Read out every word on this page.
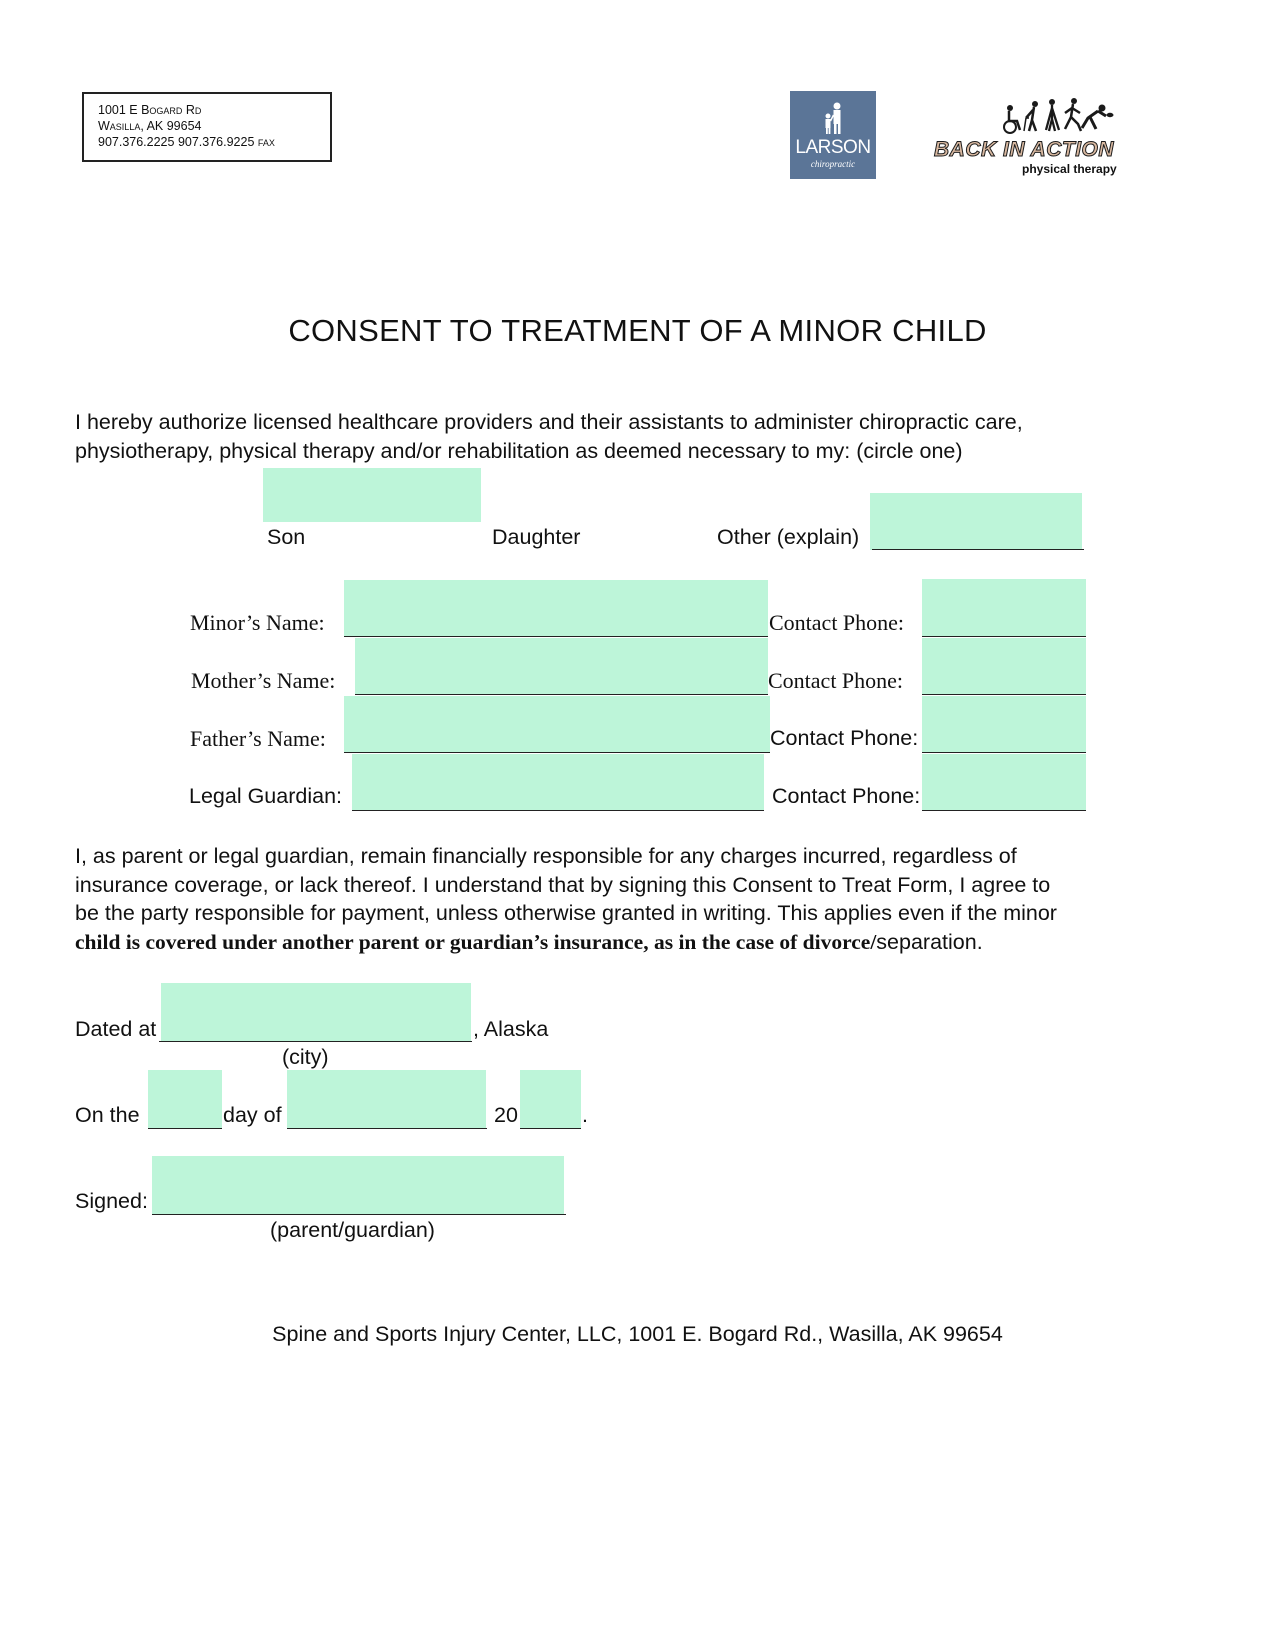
1001 E Bogard Rd
Wasilla, AK 99654
907.376.2225 907.376.9225 fax	LARSON
chiropractic
BACK IN ACTION
physical therapy
CONSENT TO TREATMENT OF A MINOR CHILD
I hereby authorize licensed healthcare providers and their assistants to administer chiropractic care,
physiotherapy, physical therapy and/or rehabilitation as deemed necessary to my: (circle one)
Son	Daughter	Other (explain)
Minor’s Name:	Contact Phone:
Mother’s Name:	Contact Phone:
Father’s Name:	Contact Phone:
Legal Guardian:	Contact Phone:
I, as parent or legal guardian, remain financially responsible for any charges incurred, regardless of
insurance coverage, or lack thereof. I understand that by signing this Consent to Treat Form, I agree to
be the party responsible for payment, unless otherwise granted in writing. This applies even if the minor
child is covered under another parent or guardian’s insurance, as in the case of divorce/separation.
Dated at	, Alaska
(city)
On the	day of	20	.
Signed:
(parent/guardian)
Spine and Sports Injury Center, LLC, 1001 E. Bogard Rd., Wasilla, AK 99654
